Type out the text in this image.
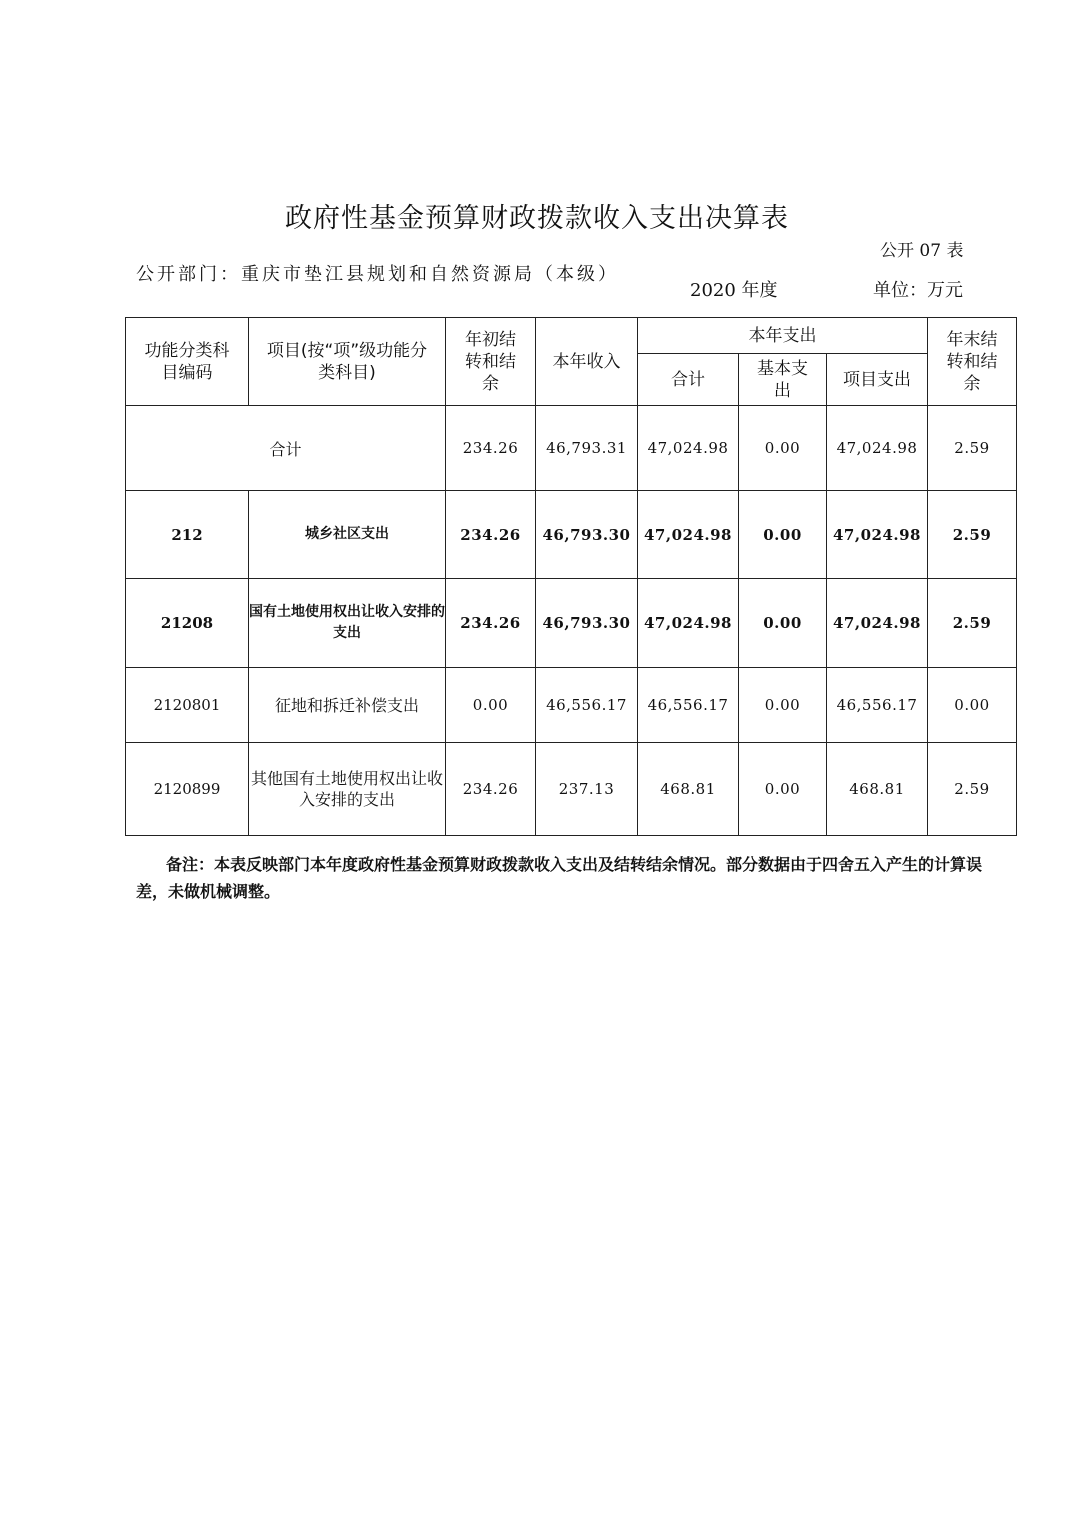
政府性基金预算财政拨款收入支出决算表
公开 07 表
公开部门：重庆市垫江县规划和自然资源局（本级）
2020 年度	单位：万元
功能分类科目编码	项目(按“项”级功能分类科目)	年初结转和结余	本年收入	本年支出			年末结转和结余
				合计	基本支出	项目支出	
合计		234.26	46,793.31	47,024.98	0.00	47,024.98	2.59
212	城乡社区支出	234.26	46,793.30	47,024.98	0.00	47,024.98	2.59
21208	国有土地使用权出让收入安排的支出	234.26	46,793.30	47,024.98	0.00	47,024.98	2.59
2120801	征地和拆迁补偿支出	0.00	46,556.17	46,556.17	0.00	46,556.17	0.00
2120899	其他国有土地使用权出让收入安排的支出	234.26	237.13	468.81	0.00	468.81	2.59
备注：本表反映部门本年度政府性基金预算财政拨款收入支出及结转结余情况。部分数据由于四舍五入产生的计算误差，未做机械调整。
